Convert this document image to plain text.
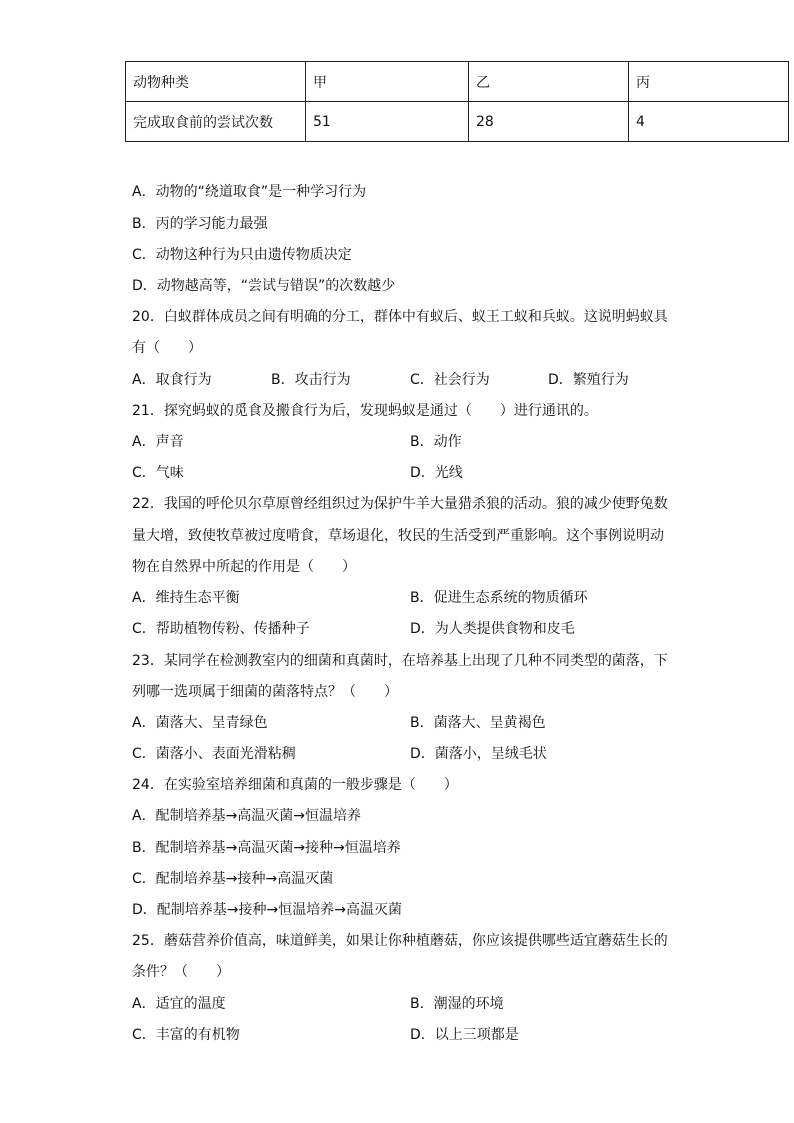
动物种类	甲	乙	丙
完成取食前的尝试次数	51	28	4
A．动物的“绕道取食”是一种学习行为
B．丙的学习能力最强
C．动物这种行为只由遗传物质决定
D．动物越高等，“尝试与错误”的次数越少
20．白蚁群体成员之间有明确的分工，群体中有蚁后、蚁王工蚁和兵蚁。这说明蚂蚁具
有（　　）
A．取食行为	B．攻击行为	C．社会行为	D．繁殖行为
21．探究蚂蚁的觅食及搬食行为后，发现蚂蚁是通过（　　）进行通讯的。
A．声音	B．动作
C．气味	D．光线
22．我国的呼伦贝尔草原曾经组织过为保护牛羊大量猎杀狼的活动。狼的减少使野兔数
量大增，致使牧草被过度啃食，草场退化，牧民的生活受到严重影响。这个事例说明动
物在自然界中所起的作用是（　　）
A．维持生态平衡	B．促进生态系统的物质循环
C．帮助植物传粉、传播种子	D．为人类提供食物和皮毛
23．某同学在检测教室内的细菌和真菌时，在培养基上出现了几种不同类型的菌落，下
列哪一选项属于细菌的菌落特点？（　　）
A．菌落大、呈青绿色	B．菌落大、呈黄褐色
C．菌落小、表面光滑粘稠	D．菌落小，呈绒毛状
24．在实验室培养细菌和真菌的一般步骤是（　　）
A．配制培养基→高温灭菌→恒温培养
B．配制培养基→高温灭菌→接种→恒温培养
C．配制培养基→接种→高温灭菌
D．配制培养基→接种→恒温培养→高温灭菌
25．蘑菇营养价值高，味道鲜美，如果让你种植蘑菇，你应该提供哪些适宜蘑菇生长的
条件？（　　）
A．适宜的温度	B．潮湿的环境
C．丰富的有机物	D．以上三项都是
